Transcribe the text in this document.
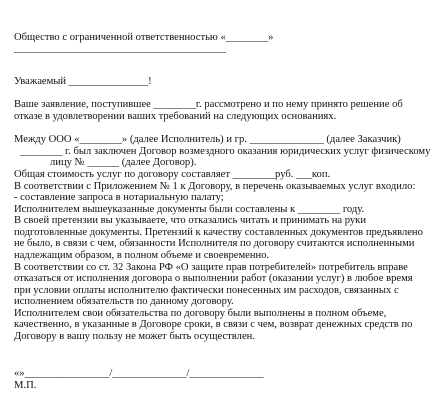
Общество с ограниченной ответственностью «________»
________________________________________
Уважаемый _______________!
Ваше заявление, поступившее ________г. рассмотрено и по нему принято решение об
отказе в удовлетворении ваших требований на следующих основаниях.
Между ООО «________» (далее Исполнитель) и гр. ______________ (далее Заказчик)
________ г. был заключен Договор возмездного оказания юридических услуг физическому
лицу № ______ (далее Договор).
Общая стоимость услуг по договору составляет ________руб. ___коп.
В соответствии с Приложением № 1 к Договору, в перечень оказываемых услуг входило:
- составление запроса в нотариальную палату;
Исполнителем вышеуказанные документы были составлены к ________ году.
В своей претензии вы указываете, что отказались читать и принимать на руки
подготовленные документы. Претензий к качеству составленных документов предъявлено
не было, в связи с чем, обязанности Исполнителя по договору считаются исполненными
надлежащим образом, в полном объеме и своевременно.
В соответствии со ст. 32 Закона РФ «О защите прав потребителей» потребитель вправе
отказаться от исполнения договора о выполнении работ (оказании услуг) в любое время
при условии оплаты исполнителю фактически понесенных им расходов, связанных с
исполнением обязательств по данному договору.
Исполнителем свои обязательства по договору были выполнены в полном объеме,
качественно, в указанные в Договоре сроки, в связи с чем, возврат денежных средств по
Договору в вашу пользу не может быть осуществлен.
«»________________/______________/______________
М.П.
